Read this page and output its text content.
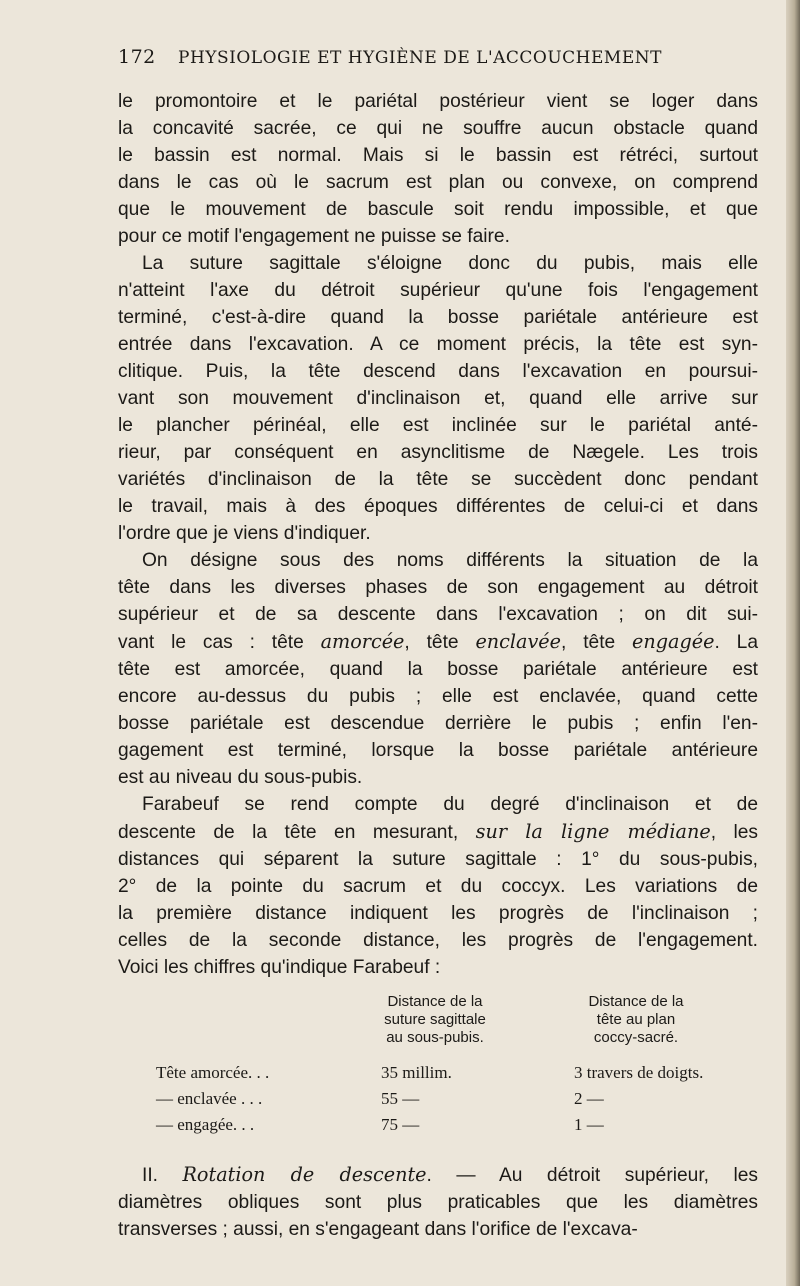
172	PHYSIOLOGIE ET HYGIÈNE DE L'ACCOUCHEMENT

le promontoire et le pariétal postérieur vient se loger dans
la concavité sacrée, ce qui ne souffre aucun obstacle quand
le bassin est normal. Mais si le bassin est rétréci, surtout
dans le cas où le sacrum est plan ou convexe, on comprend
que le mouvement de bascule soit rendu impossible, et que
pour ce motif l'engagement ne puisse se faire.

La suture sagittale s'éloigne donc du pubis, mais elle
n'atteint l'axe du détroit supérieur qu'une fois l'engagement
terminé, c'est-à-dire quand la bosse pariétale antérieure est
entrée dans l'excavation. A ce moment précis, la tête est syn-
clitique. Puis, la tête descend dans l'excavation en poursui-
vant son mouvement d'inclinaison et, quand elle arrive sur
le plancher périnéal, elle est inclinée sur le pariétal anté-
rieur, par conséquent en asynclitisme de Nægele. Les trois
variétés d'inclinaison de la tête se succèdent donc pendant
le travail, mais à des époques différentes de celui-ci et dans
l'ordre que je viens d'indiquer.

On désigne sous des noms différents la situation de la
tête dans les diverses phases de son engagement au détroit
supérieur et de sa descente dans l'excavation ; on dit sui-
vant le cas : tête amorcée, tête enclavée, tête engagée. La
tête est amorcée, quand la bosse pariétale antérieure est
encore au-dessus du pubis ; elle est enclavée, quand cette
bosse pariétale est descendue derrière le pubis ; enfin l'en-
gagement est terminé, lorsque la bosse pariétale antérieure
est au niveau du sous-pubis.

Farabeuf se rend compte du degré d'inclinaison et de
descente de la tête en mesurant, sur la ligne médiane, les
distances qui séparent la suture sagittale : 1° du sous-pubis,
2° de la pointe du sacrum et du coccyx. Les variations de
la première distance indiquent les progrès de l'inclinaison ;
celles de la seconde distance, les progrès de l'engagement.
Voici les chiffres qu'indique Farabeuf :

Distance de la
suture sagittale
au sous-pubis.
Distance de la
tête au plan
coccy-sacré.
Tête amorcée. . .	35 millim.	3 travers de doigts.
— enclavée . . .	55 —	2 —
— engagée. . .	75 —	1 —

II. Rotation de descente. — Au détroit supérieur, les
diamètres obliques sont plus praticables que les diamètres
transverses ; aussi, en s'engageant dans l'orifice de l'excava-
